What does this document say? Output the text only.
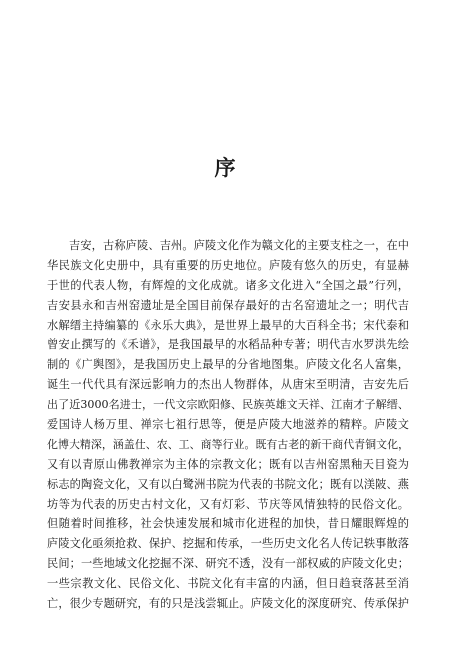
序
吉安，古称庐陵、吉州。庐陵文化作为赣文化的主要支柱之一，在中
华民族文化史册中，具有重要的历史地位。庐陵有悠久的历史，有显赫
于世的代表人物，有辉煌的文化成就。诸多文化进入“全国之最”行列，
吉安县永和吉州窑遗址是全国目前保存最好的古名窑遗址之一；明代吉
水解缙主持编纂的《永乐大典》，是世界上最早的大百科全书；宋代泰和
曾安止撰写的《禾谱》，是我国最早的水稻品种专著；明代吉水罗洪先绘
制的《广舆图》，是我国历史上最早的分省地图集。庐陵文化名人富集，
诞生一代代具有深远影响力的杰出人物群体，从唐宋至明清，吉安先后
出了近3000名进士，一代文宗欧阳修、民族英雄文天祥、江南才子解缙、
爱国诗人杨万里、禅宗七祖行思等，便是庐陵大地滋养的精粹。庐陵文
化博大精深，涵盖仕、农、工、商等行业。既有古老的新干商代青铜文化，
又有以青原山佛教禅宗为主体的宗教文化；既有以吉州窑黑釉天目瓷为
标志的陶瓷文化，又有以白鹭洲书院为代表的书院文化；既有以渼陂、燕
坊等为代表的历史古村文化，又有灯彩、节庆等风情独特的民俗文化。
但随着时间推移，社会快速发展和城市化进程的加快，昔日耀眼辉煌的
庐陵文化亟须抢救、保护、挖掘和传承，一些历史文化名人传记轶事散落
民间；一些地域文化挖掘不深、研究不透，没有一部权威的庐陵文化史；
一些宗教文化、民俗文化、书院文化有丰富的内涵，但日趋衰落甚至消
亡，很少专题研究，有的只是浅尝辄止。庐陵文化的深度研究、传承保护
